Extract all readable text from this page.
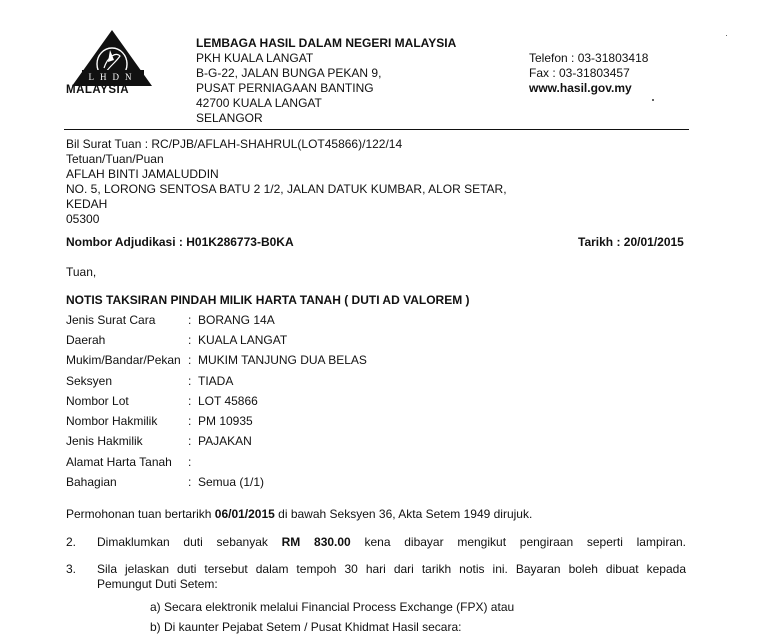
LHDN
MALAYSIA
LEMBAGA HASIL DALAM NEGERI MALAYSIA
PKH KUALA LANGAT
B-G-22, JALAN BUNGA PEKAN 9,
PUSAT PERNIAGAAN BANTING
42700 KUALA LANGAT
SELANGOR
Telefon : 03-31803418
Fax : 03-31803457
www.hasil.gov.my
Bil Surat Tuan : RC/PJB/AFLAH-SHAHRUL(LOT45866)/122/14
Tetuan/Tuan/Puan
AFLAH BINTI JAMALUDDIN
NO. 5, LORONG SENTOSA BATU 2 1/2, JALAN DATUK KUMBAR, ALOR SETAR,
KEDAH
05300
Nombor Adjudikasi : H01K286773-B0KA	Tarikh : 20/01/2015
Tuan,
NOTIS TAKSIRAN PINDAH MILIK HARTA TANAH ( DUTI AD VALOREM )
Jenis Surat Cara	: BORANG 14A
Daerah	: KUALA LANGAT
Mukim/Bandar/Pekan : MUKIM TANJUNG DUA BELAS
Seksyen	: TIADA
Nombor Lot	: LOT 45866
Nombor Hakmilik	: PM 10935
Jenis Hakmilik	: PAJAKAN
Alamat Harta Tanah :
Bahagian	: Semua (1/1)
Permohonan tuan bertarikh 06/01/2015 di bawah Seksyen 36, Akta Setem 1949 dirujuk.
2. Dimaklumkan duti sebanyak RM 830.00 kena dibayar mengikut pengiraan seperti lampiran.
3. Sila jelaskan duti tersebut dalam tempoh 30 hari dari tarikh notis ini. Bayaran boleh dibuat kepada
Pemungut Duti Setem:
a) Secara elektronik melalui Financial Process Exchange (FPX) atau
b) Di kaunter Pejabat Setem / Pusat Khidmat Hasil secara:
